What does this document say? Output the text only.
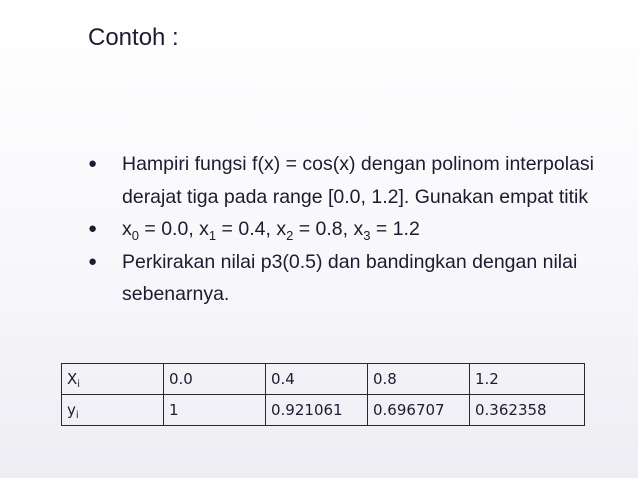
Contoh :
● Hampiri fungsi f(x) = cos(x) dengan polinom interpolasi derajat tiga pada range [0.0, 1.2]. Gunakan empat titik
● $x_0 = 0.0$, $x_1 = 0.4$, $x_2 = 0.8$, $x_3 = 1.2$
● Perkirakan nilai p3(0.5) dan bandingkan dengan nilai sebenarnya.
$X_i$	0.0	0.4	0.8	1.2
$y_i$	1	0.921061	0.696707	0.362358
